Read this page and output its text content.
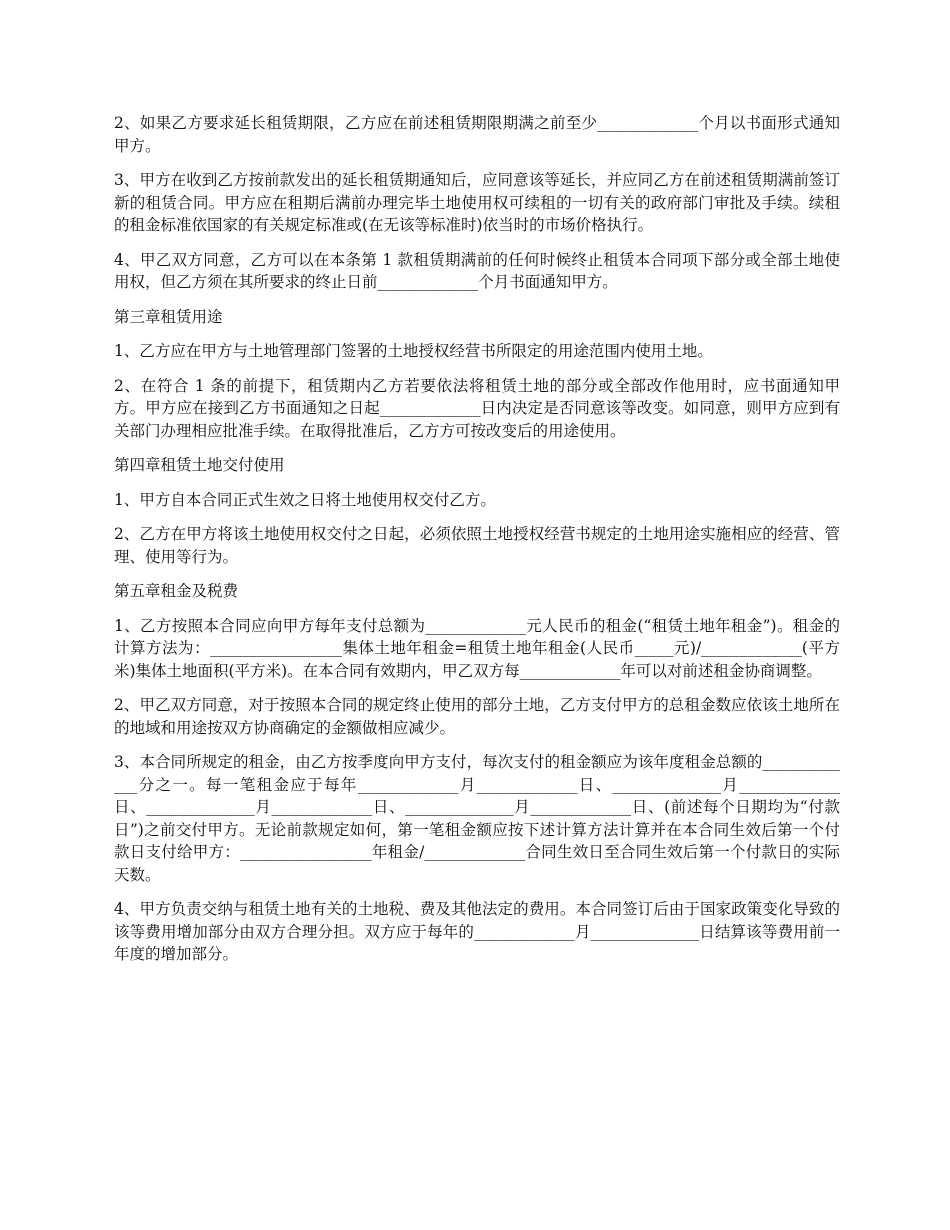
2、如果乙方要求延长租赁期限，乙方应在前述租赁期限期满之前至少_____________个月以书面形式通知甲方。

3、甲方在收到乙方按前款发出的延长租赁期通知后，应同意该等延长，并应同乙方在前述租赁期满前签订新的租赁合同。甲方应在租期后满前办理完毕土地使用权可续租的一切有关的政府部门审批及手续。续租的租金标准依国家的有关规定标准或(在无该等标准时)依当时的市场价格执行。

4、甲乙双方同意，乙方可以在本条第 1 款租赁期满前的任何时候终止租赁本合同项下部分或全部土地使用权，但乙方须在其所要求的终止日前_____________个月书面通知甲方。

第三章租赁用途

1、乙方应在甲方与土地管理部门签署的土地授权经营书所限定的用途范围内使用土地。

2、在符合 1 条的前提下，租赁期内乙方若要依法将租赁土地的部分或全部改作他用时，应书面通知甲方。甲方应在接到乙方书面通知之日起_____________日内决定是否同意该等改变。如同意，则甲方应到有关部门办理相应批准手续。在取得批准后，乙方方可按改变后的用途使用。

第四章租赁土地交付使用

1、甲方自本合同正式生效之日将土地使用权交付乙方。

2、乙方在甲方将该土地使用权交付之日起，必须依照土地授权经营书规定的土地用途实施相应的经营、管理、使用等行为。

第五章租金及税费

1、乙方按照本合同应向甲方每年支付总额为_____________元人民币的租金(“租赁土地年租金”)。租金的计算方法为：_________________集体土地年租金=租赁土地年租金(人民币_____元)/_____________(平方米)集体土地面积(平方米)。在本合同有效期内，甲乙双方每_____________年可以对前述租金协商调整。

2、甲乙双方同意，对于按照本合同的规定终止使用的部分土地，乙方支付甲方的总租金数应依该土地所在的地域和用途按双方协商确定的金额做相应减少。

3、本合同所规定的租金，由乙方按季度向甲方支付，每次支付的租金额应为该年度租金总额的_____________分之一。每一笔租金应于每年_____________月_____________日、______________月_____________日、______________月_____________日、______________月_____________日、(前述每个日期均为“付款日”)之前交付甲方。无论前款规定如何，第一笔租金额应按下述计算方法计算并在本合同生效后第一个付款日支付给甲方：_________________年租金/_____________合同生效日至合同生效后第一个付款日的实际天数。

4、甲方负责交纳与租赁土地有关的土地税、费及其他法定的费用。本合同签订后由于国家政策变化导致的该等费用增加部分由双方合理分担。双方应于每年的_____________月______________日结算该等费用前一年度的增加部分。
